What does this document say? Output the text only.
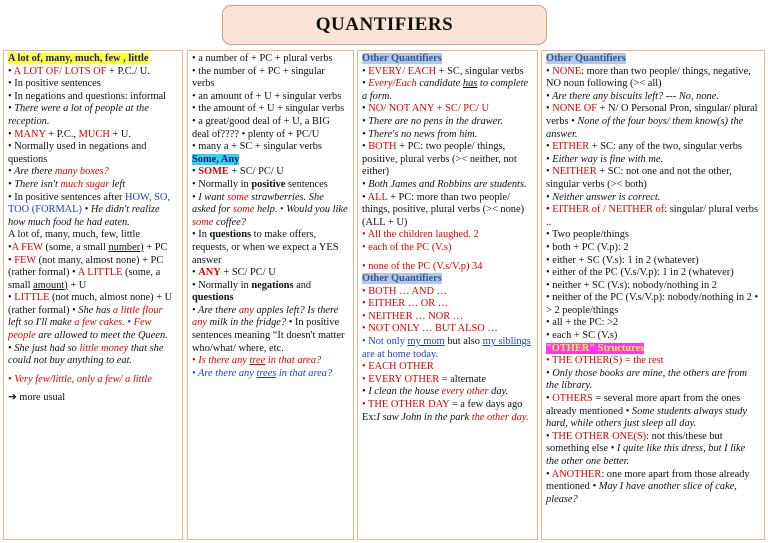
QUANTIFIERS
A lot of, many, much, few , little

• A LOT OF/ LOTS OF + P.C./ U.

• In positive sentences

• In negations and questions: informal

• There were a lot of people at the reception.

• MANY + P.C., MUCH + U.

• Normally used in negations and questions

• Are there many boxes?

• There isn't much sugar left

• In positive sentences after HOW, SO, TOO (FORMAL) • He didn't realize how much food he had eaten.

A lot of, many, much, few, little

•A FEW (some, a small number) + PC

• FEW (not many, almost none) + PC (rather formal) • A LITTLE (some, a small amount) + U

• LITTLE (not much, almost none) + U (rather formal) • She has a little flour left so I'll make a few cakes. • Few people are allowed to meet the Queen.

• She just had so little money that she could not buy anything to eat.

• Very few/little, only a few/ a little

➔ more usual

• a number of + PC + plural verbs

• the number of + PC + singular verbs

• an amount of + U + singular verbs

• the amount of + U + singular verbs

• a great/good deal of + U, a BIG deal of???? • plenty of + PC/U

• many a + SC + singular verbs

Some, Any

• SOME + SC/ PC/ U

• Normally in positive sentences

• I want some strawberries. She asked for some help. • Would you like some coffee?

• In questions to make offers, requests, or when we expect a YES answer

• ANY + SC/ PC/ U

• Normally in negations and questions

• Are there any apples left? Is there any milk in the fridge? • In positive sentences meaning “It doesn't matter who/what/ where, etc.

• Is there any tree in that area?

• Are there any trees in that area?

Other Quantifiers

• EVERY/ EACH + SC, singular verbs

• Every/Each candidate has to complete a form.

• NO/ NOT ANY + SC/ PC/ U

• There are no pens in the drawer.

• There's no news from him.

• BOTH + PC: two people/ things, positive, plural verbs (>< neither, not either)

• Both James and Robbins are students.

• ALL + PC: more than two people/ things, positive, plural verbs (>< none) (ALL + U)

• All the children laughed. 2

• each of the PC (V.s)

• none of the PC (V.s/V.p) 34

Other Quantifiers

• BOTH … AND …

• EITHER … OR …

• NEITHER … NOR …

• NOT ONLY … BUT ALSO …

• Not only my mom but also my siblings are at home today.

• EACH OTHER

• EVERY OTHER = alternate

• I clean the house every other day.

• THE OTHER DAY = a few days ago Ex:I saw John in the park the other day.

Other Quantifiers

• NONE: more than two people/ things, negative, NO noun following (>< all)

• Are there any biscuits left? --- No, none.

• NONE OF + N/ O Personal Pron, singular/ plural verbs • None of the four boys/ them know(s) the answer.

• EITHER + SC: any of the two, singular verbs

• Either way is fine with me.

• NEITHER + SC: not one and not the other, singular verbs (>< both)

• Neither answer is correct.

• EITHER of / NEITHER of: singular/ plural verbs ..

• Two people/things

• both + PC (V.p): 2

• either + SC (V.s): 1 in 2 (whatever)

• either of the PC (V.s/V.p): 1 in 2 (whatever)

• neither + SC (V.s): nobody/nothing in 2

• neither of the PC (V.s/V.p): nobody/nothing in 2 • > 2 people/things

• all + the PC: >2

• each + SC (V.s)

"OTHER" Structures

• THE OTHER(S) = the rest

• Only those books are mine, the others are from the library.

• OTHERS = several more apart from the ones already mentioned • Some students always study hard, while others just sleep all day.

• THE OTHER ONE(S): not this/these but something else • I quite like this dress, but I like the other one better.

• ANOTHER: one more apart from those already mentioned • May I have another slice of cake, please?
